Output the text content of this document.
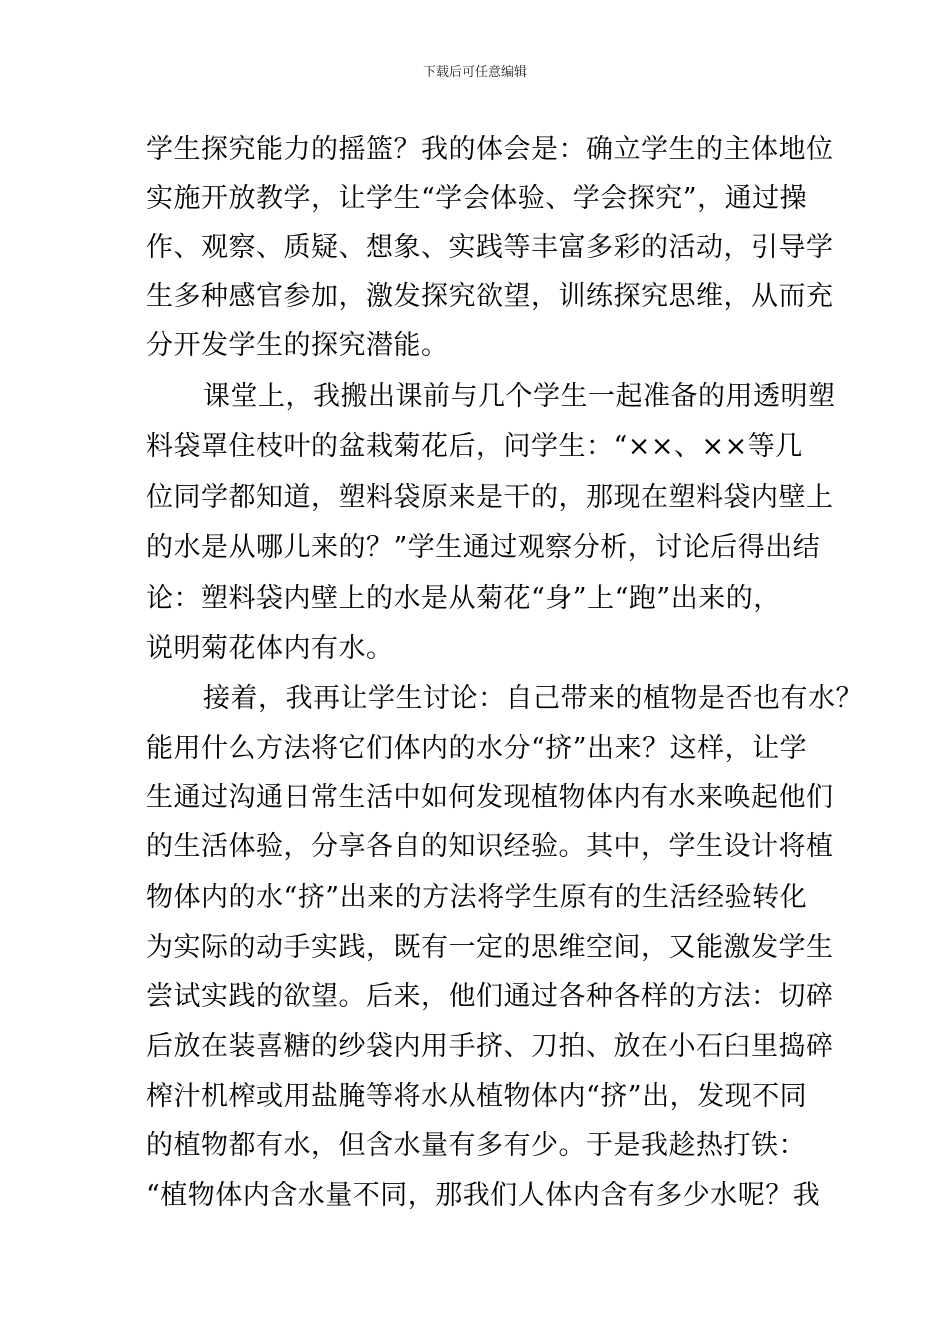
下载后可任意编辑
学生探究能力的摇篮？我的体会是：确立学生的主体地位
实施开放教学，让学生“学会体验、学会探究”，通过操
作、观察、质疑、想象、实践等丰富多彩的活动，引导学
生多种感官参加，激发探究欲望，训练探究思维，从而充
分开发学生的探究潜能。
课堂上，我搬出课前与几个学生一起准备的用透明塑
料袋罩住枝叶的盆栽菊花后，问学生：“××、××等几
位同学都知道，塑料袋原来是干的，那现在塑料袋内壁上
的水是从哪儿来的？”学生通过观察分析，讨论后得出结
论：塑料袋内壁上的水是从菊花“身”上“跑”出来的，
说明菊花体内有水。
接着，我再让学生讨论：自己带来的植物是否也有水？
能用什么方法将它们体内的水分“挤”出来？这样，让学
生通过沟通日常生活中如何发现植物体内有水来唤起他们
的生活体验，分享各自的知识经验。其中，学生设计将植
物体内的水“挤”出来的方法将学生原有的生活经验转化
为实际的动手实践，既有一定的思维空间，又能激发学生
尝试实践的欲望。后来，他们通过各种各样的方法：切碎
后放在装喜糖的纱袋内用手挤、刀拍、放在小石臼里捣碎
榨汁机榨或用盐腌等将水从植物体内“挤”出，发现不同
的植物都有水，但含水量有多有少。于是我趁热打铁：
“植物体内含水量不同，那我们人体内含有多少水呢？我
